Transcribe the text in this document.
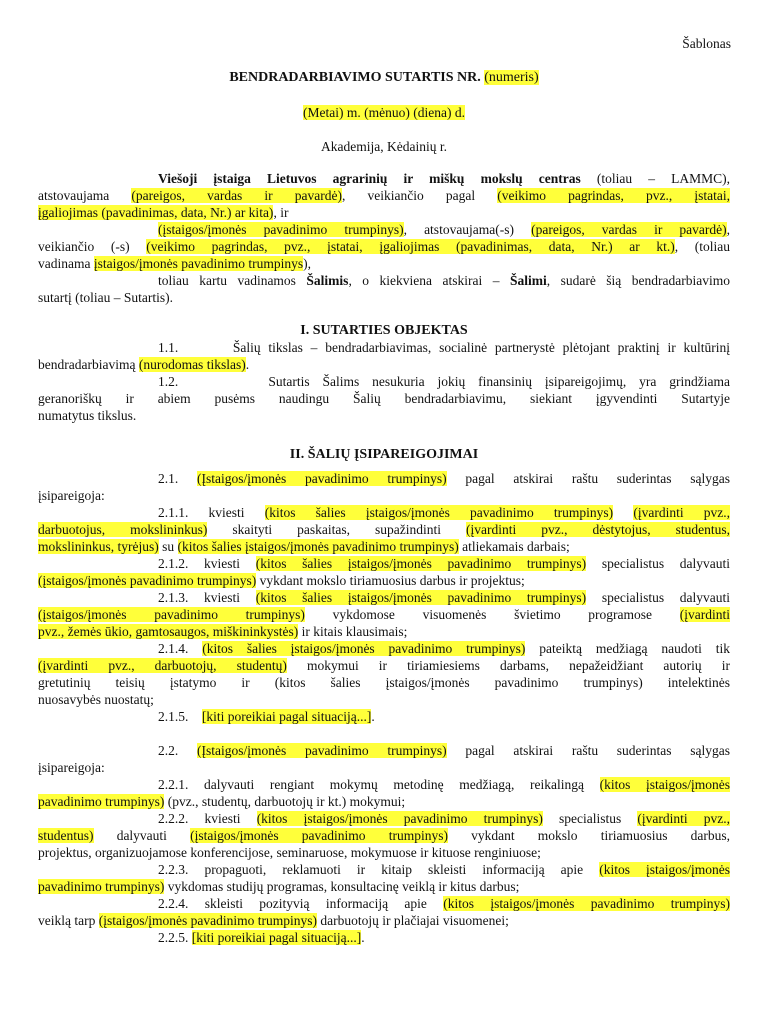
Šablonas
BENDRADARBIAVIMO SUTARTIS NR. (numeris)
(Metai) m. (mėnuo) (diena) d.
Akademija, Kėdainių r.
Viešoji įstaiga Lietuvos agrarinių ir miškų mokslų centras (toliau – LAMMC),
atstovaujama (pareigos, vardas ir pavardė), veikiančio pagal (veikimo pagrindas, pvz., įstatai,
įgaliojimas (pavadinimas, data, Nr.) ar kita), ir
(įstaigos/įmonės pavadinimo trumpinys), atstovaujama(-s) (pareigos, vardas ir pavardė),
veikiančio (-s) (veikimo pagrindas, pvz., įstatai, įgaliojimas (pavadinimas, data, Nr.) ar kt.), (toliau
vadinama įstaigos/įmonės pavadinimo trumpinys),
toliau kartu vadinamos Šalimis, o kiekviena atskirai – Šalimi, sudarė šią bendradarbiavimo
sutartį (toliau – Sutartis).
I. SUTARTIES OBJEKTAS
1.1.	Šalių tikslas – bendradarbiavimas, socialinė partnerystė plėtojant praktinį ir kultūrinį
bendradarbiavimą (nurodomas tikslas).
1.2.	Sutartis Šalims nesukuria jokių finansinių įsipareigojimų, yra grindžiama
geranoriškų ir abiem pusėms naudingu Šalių bendradarbiavimu, siekiant įgyvendinti Sutartyje
numatytus tikslus.
II. ŠALIŲ ĮSIPAREIGOJIMAI
2.1. (Įstaigos/įmonės pavadinimo trumpinys) pagal atskirai raštu suderintas sąlygas
įsipareigoja:
2.1.1. kviesti (kitos šalies įstaigos/įmonės pavadinimo trumpinys) (įvardinti pvz.,
darbuotojus, mokslininkus) skaityti paskaitas, supažindinti (įvardinti pvz., dėstytojus, studentus,
mokslininkus, tyrėjus) su (kitos šalies įstaigos/įmonės pavadinimo trumpinys) atliekamais darbais;
2.1.2. kviesti (kitos šalies įstaigos/įmonės pavadinimo trumpinys) specialistus dalyvauti
(įstaigos/įmonės pavadinimo trumpinys) vykdant mokslo tiriamuosius darbus ir projektus;
2.1.3. kviesti (kitos šalies įstaigos/įmonės pavadinimo trumpinys) specialistus dalyvauti
(įstaigos/įmonės pavadinimo trumpinys) vykdomose visuomenės švietimo programose (įvardinti
pvz., žemės ūkio, gamtosaugos, miškininkystės) ir kitais klausimais;
2.1.4. (kitos šalies įstaigos/įmonės pavadinimo trumpinys) pateiktą medžiagą naudoti tik
(įvardinti pvz., darbuotojų, studentų) mokymui ir tiriamiesiems darbams, nepažeidžiant autorių ir
gretutinių teisių įstatymo ir (kitos šalies įstaigos/įmonės pavadinimo trumpinys) intelektinės
nuosavybės nuostatų;
2.1.5. [kiti poreikiai pagal situaciją...].
2.2. (Įstaigos/įmonės pavadinimo trumpinys) pagal atskirai raštu suderintas sąlygas
įsipareigoja:
2.2.1. dalyvauti rengiant mokymų metodinę medžiagą, reikalingą (kitos įstaigos/įmonės
pavadinimo trumpinys) (pvz., studentų, darbuotojų ir kt.) mokymui;
2.2.2. kviesti (kitos įstaigos/įmonės pavadinimo trumpinys) specialistus (įvardinti pvz.,
studentus) dalyvauti (įstaigos/įmonės pavadinimo trumpinys) vykdant mokslo tiriamuosius darbus,
projektus, organizuojamose konferencijose, seminaruose, mokymuose ir kituose renginiuose;
2.2.3. propaguoti, reklamuoti ir kitaip skleisti informaciją apie (kitos įstaigos/įmonės
pavadinimo trumpinys) vykdomas studijų programas, konsultacinę veiklą ir kitus darbus;
2.2.4. skleisti pozityvią informaciją apie (kitos įstaigos/įmonės pavadinimo trumpinys)
veiklą tarp (įstaigos/įmonės pavadinimo trumpinys) darbuotojų ir plačiajai visuomenei;
2.2.5. [kiti poreikiai pagal situaciją...].
